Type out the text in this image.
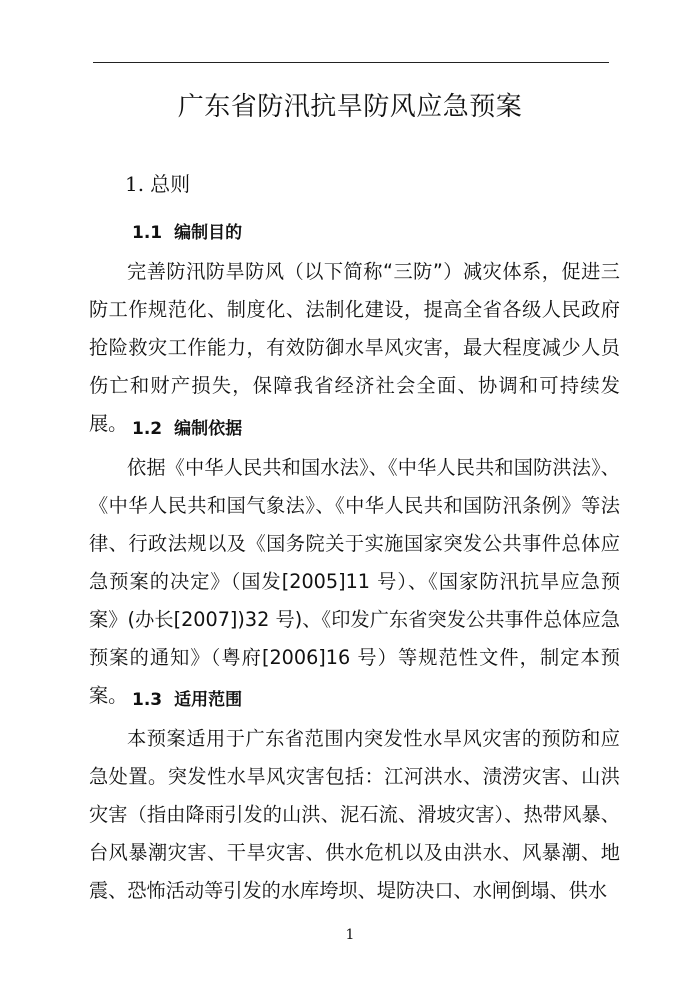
广东省防汛抗旱防风应急预案
1. 总则
1.1 编制目的
完善防汛防旱防风（以下简称“三防”）减灾体系，促进三防工作规范化、制度化、法制化建设，提高全省各级人民政府抢险救灾工作能力，有效防御水旱风灾害，最大程度减少人员伤亡和财产损失，保障我省经济社会全面、协调和可持续发展。 1.2 编制依据
依据《中华人民共和国水法》、《中华人民共和国防洪法》、《中华人民共和国气象法》、《中华人民共和国防汛条例》等法律、行政法规以及《国务院关于实施国家突发公共事件总体应急预案的决定》（国发[2005]11 号）、《国家防汛抗旱应急预案》(办长[2007])32 号)、《印发广东省突发公共事件总体应急预案的通知》（粤府[2006]16 号）等规范性文件，制定本预案。 1.3 适用范围
本预案适用于广东省范围内突发性水旱风灾害的预防和应急处置。突发性水旱风灾害包括：江河洪水、渍涝灾害、山洪灾害（指由降雨引发的山洪、泥石流、滑坡灾害）、热带风暴、台风暴潮灾害、干旱灾害、供水危机以及由洪水、风暴潮、地震、恐怖活动等引发的水库垮坝、堤防决口、水闸倒塌、供水
1
